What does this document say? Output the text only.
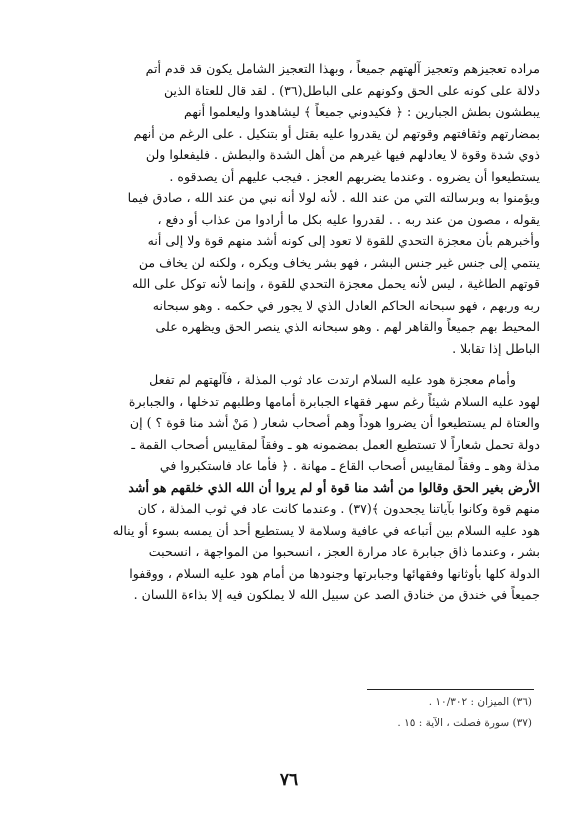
مراده تعجيزهم وتعجيز آلهتهم جميعاً ، وبهذا التعجيز الشامل يكون قد قدم أتم

دلالة على كونه على الحق وكونهم على الباطل(٣٦) . لقد قال للعتاة الذين

يبطشون بطش الجبارين : ﴿ فكيدوني جميعاً ﴾ ليشاهدوا وليعلموا أنهم

بمضارتهم وثقافتهم وقوتهم لن يقدروا عليه بقتل أو بتنكيل . على الرغم من أنهم

ذوي شدة وقوة لا يعادلهم فيها غيرهم من أهل الشدة والبطش . فليفعلوا ولن

يستطيعوا أن يضروه . وعندما يضربهم العجز . فيجب عليهم أن يصدقوه .

ويؤمنوا به وبرسالته التي من عند الله . لأنه لولا أنه نبي من عند الله ، صادق فيما

يقوله ، مصون من عند ربه . . لقدروا عليه بكل ما أرادوا من عذاب أو دفع ،

وأخبرهم بأن معجزة التحدي للقوة لا تعود إلى كونه أشد منهم قوة ولا إلى أنه

ينتمي إلى جنس غير جنس البشر ، فهو بشر يخاف ويكره ، ولكنه لن يخاف من

قوتهم الطاغية ، ليس لأنه يحمل معجزة التحدي للقوة ، وإنما لأنه توكل على الله

ربه وربهم ، فهو سبحانه الحاكم العادل الذي لا يجور في حكمه . وهو سبحانه

المحيط بهم جميعاً والقاهر لهم . وهو سبحانه الذي ينصر الحق ويظهره على

الباطل إذا تقابلا .

وأمام معجزة هود عليه السلام ارتدت عاد ثوب المذلة ، فآلهتهم لم تفعل

لهود عليه السلام شيئاً رغم سهر فقهاء الجبابرة أمامها وطلبهم تدخلها ، والجبابرة

والعتاة لم يستطيعوا أن يضروا هوداً وهم أصحاب شعار ( مَنْ أشد منا قوة ؟ ) إن

دولة تحمل شعاراً لا تستطيع العمل بمضمونه هو ـ وفقاً لمقاييس أصحاب القمة ـ

مذلة وهو ـ وفقاً لمقاييس أصحاب القاع ـ مهانة . ﴿ فأما عاد فاستكبروا في

الأرض بغير الحق وقالوا من أشد منا قوة أو لم يروا أن الله الذي خلقهم هو أشد

منهم قوة وكانوا بآياتنا يجحدون ﴾(٣٧) . وعندما كانت عاد في ثوب المذلة ، كان

هود عليه السلام بين أتباعه في عافية وسلامة لا يستطيع أحد أن يمسه بسوء أو يناله

بشر ، وعندما ذاق جبابرة عاد مرارة العجز ، انسحبوا من المواجهة ، انسحبت

الدولة كلها بأوثانها وفقهائها وجبابرتها وجنودها من أمام هود عليه السلام ، ووقفوا

جميعاً في خندق من خنادق الصد عن سبيل الله لا يملكون فيه إلا بذاءة اللسان .

(٣٦) الميزان : ١٠/٣٠٢ .
(٣٧) سورة فصلت ، الآية : ١٥ .
٧٦
